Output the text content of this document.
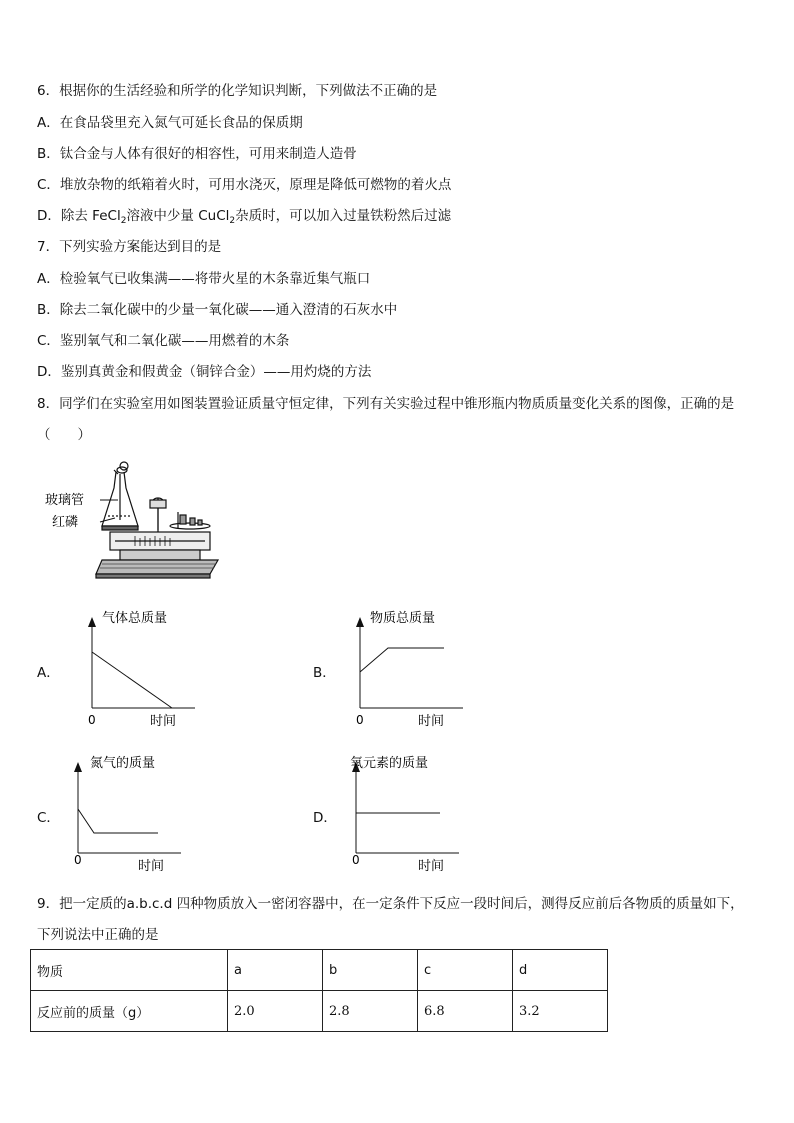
6．根据你的生活经验和所学的化学知识判断，下列做法不正确的是
A．在食品袋里充入氮气可延长食品的保质期
B．钛合金与人体有很好的相容性，可用来制造人造骨
C．堆放杂物的纸箱着火时，可用水浇灭，原理是降低可燃物的着火点
D．除去 FeCl$_2$溶液中少量 CuCl$_2$杂质时，可以加入过量铁粉然后过滤
7．下列实验方案能达到目的是
A．检验氧气已收集满——将带火星的木条靠近集气瓶口
B．除去二氧化碳中的少量一氧化碳——通入澄清的石灰水中
C．鉴别氧气和二氧化碳——用燃着的木条
D．鉴别真黄金和假黄金（铜锌合金）——用灼烧的方法
8．同学们在实验室用如图装置验证质量守恒定律，下列有关实验过程中锥形瓶内物质质量变化关系的图像，正确的是
（　　）
玻璃管
红磷
A．	B．
C．	D．
气体总质量
时间
0
物质总质量
时间
0
氮气的质量
时间
0
氧元素的质量
时间
0
9．把一定质的a.b.c.d 四种物质放入一密闭容器中，在一定条件下反应一段时间后，测得反应前后各物质的质量如下，
下列说法中正确的是
物质	a	b	c	d
反应前的质量（g）	2.0	2.8	6.8	3.2
